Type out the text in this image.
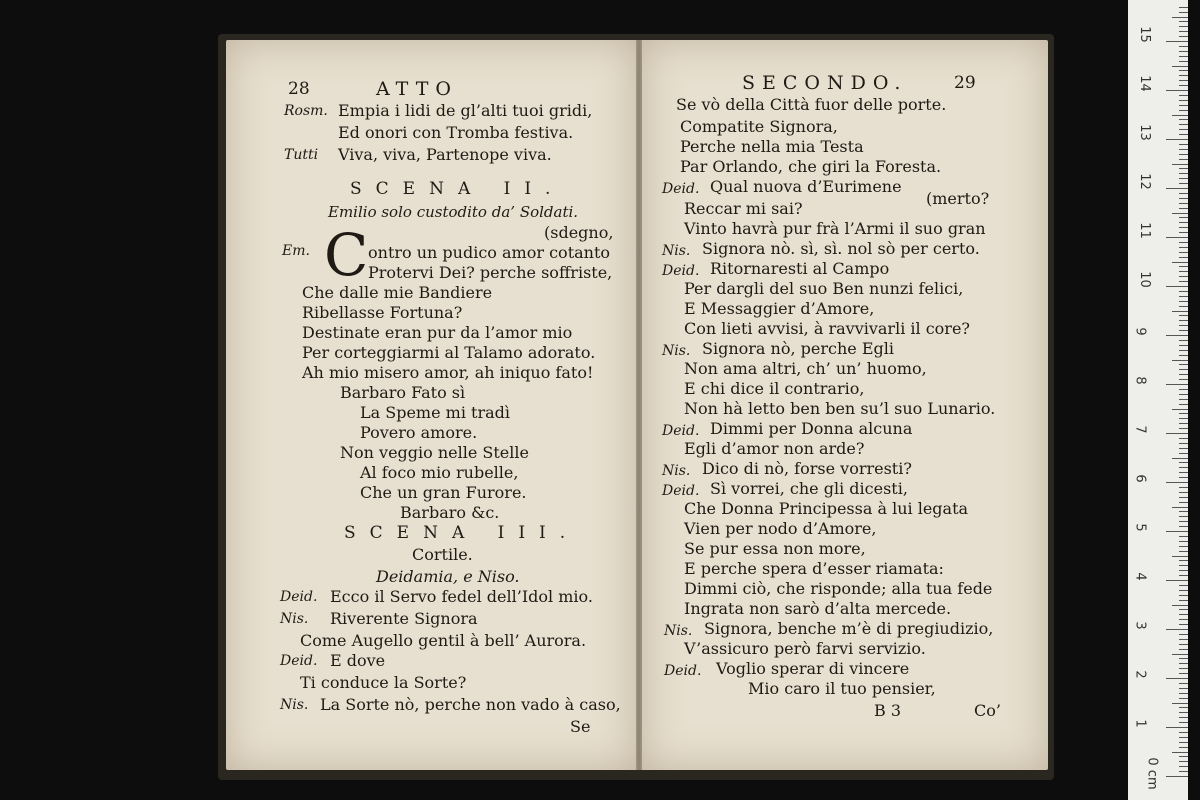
28	ATTO
Rosm. Empia i lidi de gl’alti tuoi gridi,
Ed onori con Tromba festiva.
Tutti Viva, viva, Partenope viva.
SCENA II.
Emilio solo custodito da’ Soldati.
(sdegno,
Em. C ontro un pudico amor cotanto
Protervi Dei? perche soffriste,
Che dalle mie Bandiere
Ribellasse Fortuna?
Destinate eran pur da l’amor mio
Per corteggiarmi al Talamo adorato.
Ah mio misero amor, ah iniquo fato!
Barbaro Fato sì
La Speme mi tradì
Povero amore.
Non veggio nelle Stelle
Al foco mio rubelle,
Che un gran Furore.
Barbaro &c.
SCENA III.
Cortile.
Deidamia, e Niso.
Deid. Ecco il Servo fedel dell’Idol mio.
Nis. Riverente Signora
Come Augello gentil à bell’ Aurora.
Deid. E dove
Ti conduce la Sorte?
Nis. La Sorte nò, perche non vado à caso,
Se
SECONDO.	29
Se vò della Città fuor delle porte.
Compatite Signora,
Perche nella mia Testa
Par Orlando, che giri la Foresta.
Deid. Qual nuova d’Eurimene
Reccar mi sai?
(merto?
Vinto havrà pur frà l’Armi il suo gran
Nis. Signora nò. sì, sì. nol sò per certo.
Deid. Ritornaresti al Campo
Per dargli del suo Ben nunzi felici,
E Messaggier d’Amore,
Con lieti avvisi, à ravvivarli il core?
Nis. Signora nò, perche Egli
Non ama altri, ch’ un’ huomo,
E chi dice il contrario,
Non hà letto ben ben su’l suo Lunario.
Deid. Dimmi per Donna alcuna
Egli d’amor non arde?
Nis. Dico di nò, forse vorresti?
Deid. Sì vorrei, che gli dicesti,
Che Donna Principessa à lui legata
Vien per nodo d’Amore,
Se pur essa non more,
E perche spera d’esser riamata:
Dimmi ciò, che risponde; alla tua fede
Ingrata non sarò d’alta mercede.
Nis. Signora, benche m’è di pregiudizio,
V’assicuro però farvi servizio.
Deid. Voglio sperar di vincere
Mio caro il tuo pensier,
B 3	Co’
0 cm
1
2
3
4
5
6
7
8
9
10
11
12
13
14
15
